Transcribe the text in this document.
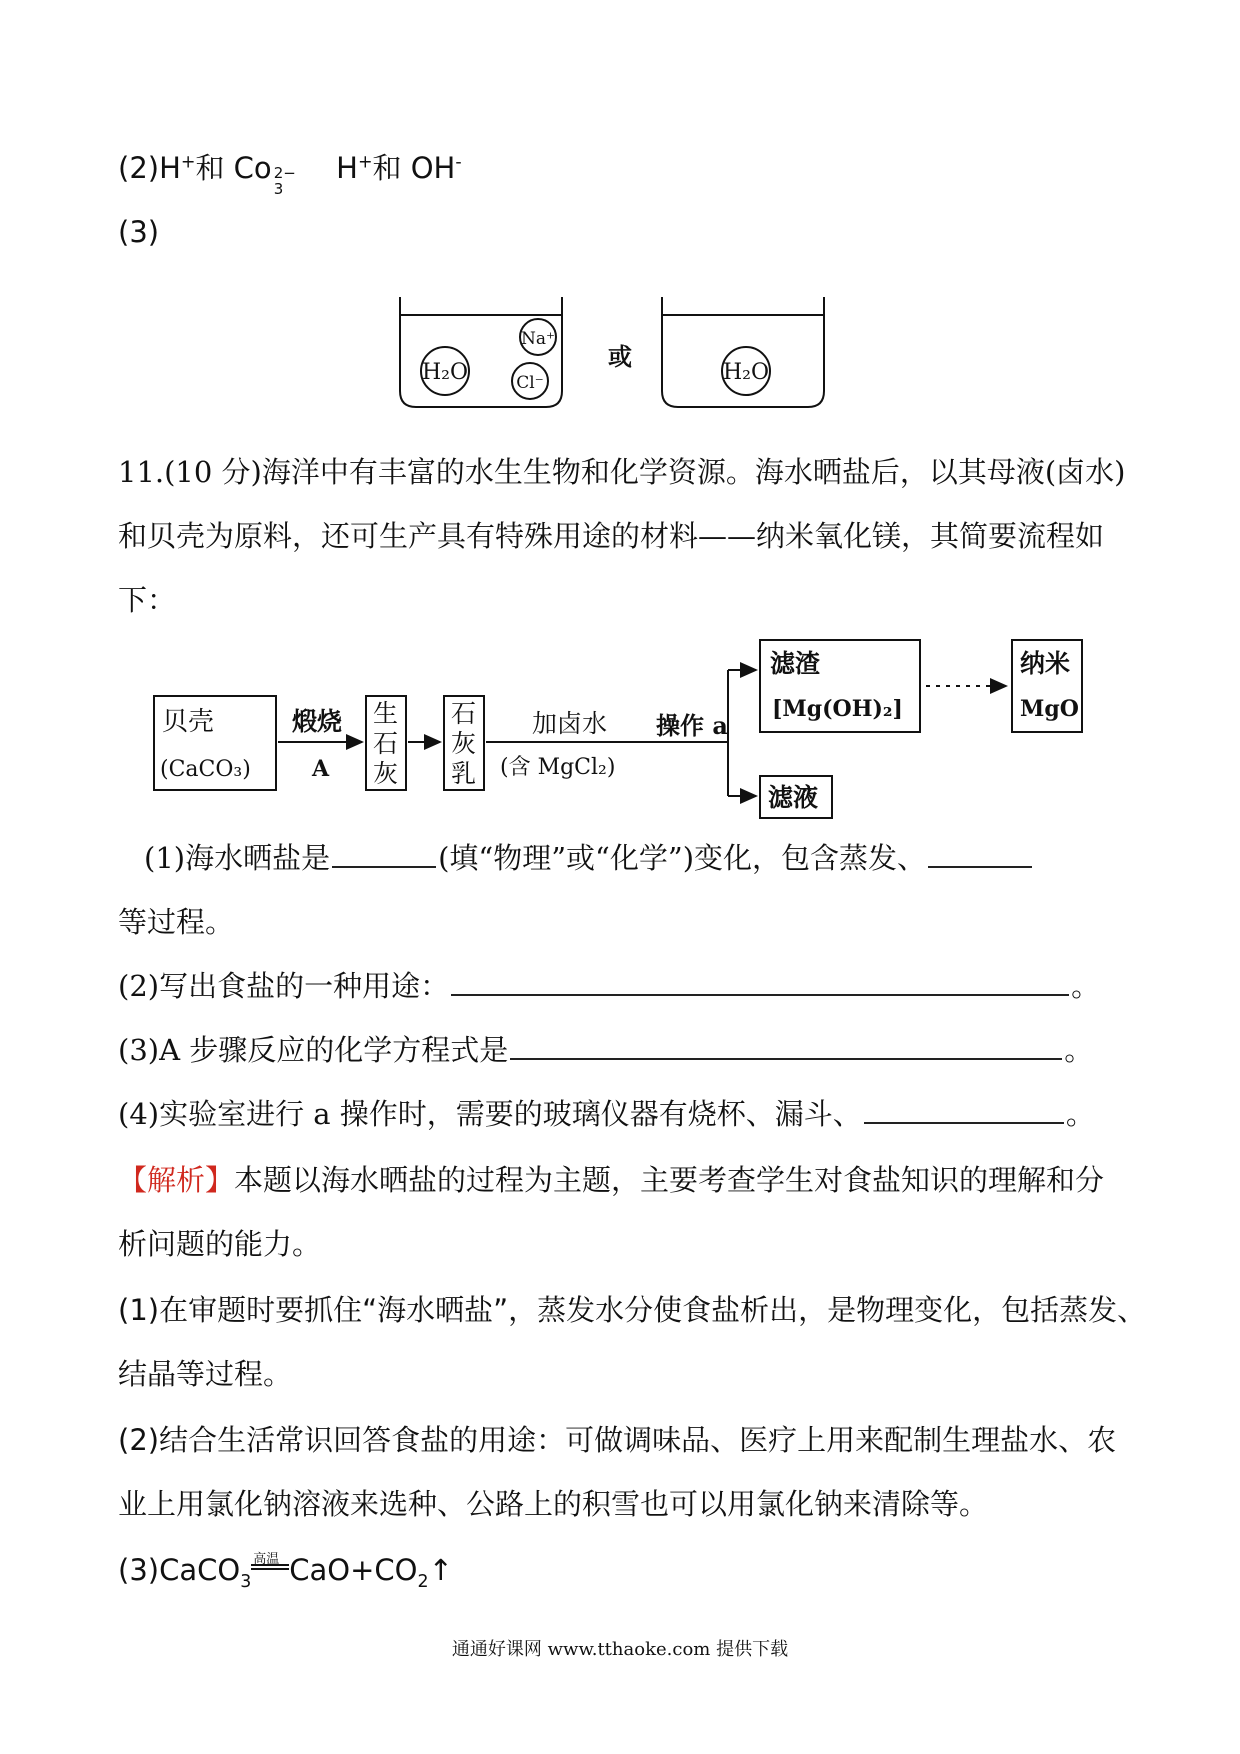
(2)H+和 Co 2−
3
H+和 OH-
(3)
H₂O
Na⁺
Cl⁻
或
H₂O
11.(10 分)海洋中有丰富的水生生物和化学资源。海水晒盐后，以其母液(卤水)
和贝壳为原料，还可生产具有特殊用途的材料——纳米氧化镁，其简要流程如
下：
贝壳
(CaCO₃)
煅烧
A
生
石
灰
石
灰
乳
加卤水
(含 MgCl₂)
操作 a
滤渣
[Mg(OH)₂]
纳米
MgO
滤液
(1)海水晒盐是	(填“物理”或“化学”)变化，包含蒸发、
等过程。
(2)写出食盐的一种用途：	。
(3)A 步骤反应的化学方程式是	。
(4)实验室进行 a 操作时，需要的玻璃仪器有烧杯、漏斗、	。
【解析】本题以海水晒盐的过程为主题，主要考查学生对食盐知识的理解和分
析问题的能力。
(1)在审题时要抓住“海水晒盐”，蒸发水分使食盐析出，是物理变化，包括蒸发、
结晶等过程。
(2)结合生活常识回答食盐的用途：可做调味品、医疗上用来配制生理盐水、农
业上用氯化钠溶液来选种、公路上的积雪也可以用氯化钠来清除等。
(3)CaCO$_3$
高温 $CaO+CO_2↑$
通通好课网 www.tthaoke.com 提供下载
